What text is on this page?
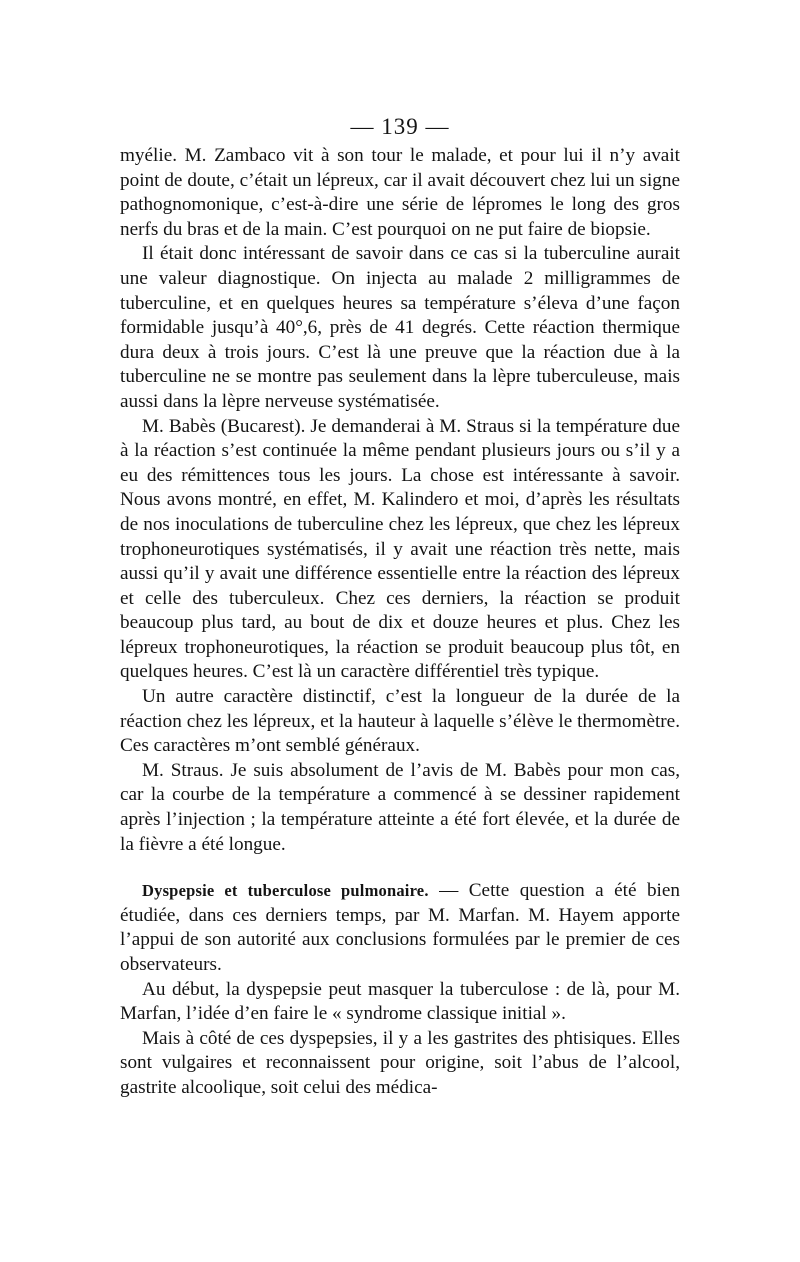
— 139 —

myélie. M. Zambaco vit à son tour le malade, et pour lui il n’y avait point de doute, c’était un lépreux, car il avait découvert chez lui un signe pathognomonique, c’est-à-dire une série de lépromes le long des gros nerfs du bras et de la main. C’est pourquoi on ne put faire de biopsie.

Il était donc intéressant de savoir dans ce cas si la tuberculine aurait une valeur diagnostique. On injecta au malade 2 milligrammes de tuberculine, et en quelques heures sa température s’éleva d’une façon formidable jusqu’à 40°,6, près de 41 degrés. Cette réaction thermique dura deux à trois jours. C’est là une preuve que la réaction due à la tuberculine ne se montre pas seulement dans la lèpre tuberculeuse, mais aussi dans la lèpre nerveuse systématisée.

M. Babès (Bucarest). Je demanderai à M. Straus si la température due à la réaction s’est continuée la même pendant plusieurs jours ou s’il y a eu des rémittences tous les jours. La chose est intéressante à savoir. Nous avons montré, en effet, M. Kalindero et moi, d’après les résultats de nos inoculations de tuberculine chez les lépreux, que chez les lépreux trophoneurotiques systématisés, il y avait une réaction très nette, mais aussi qu’il y avait une différence essentielle entre la réaction des lépreux et celle des tuberculeux. Chez ces derniers, la réaction se produit beaucoup plus tard, au bout de dix et douze heures et plus. Chez les lépreux trophoneurotiques, la réaction se produit beaucoup plus tôt, en quelques heures. C’est là un caractère différentiel très typique.

Un autre caractère distinctif, c’est la longueur de la durée de la réaction chez les lépreux, et la hauteur à laquelle s’élève le thermomètre. Ces caractères m’ont semblé généraux.

M. Straus. Je suis absolument de l’avis de M. Babès pour mon cas, car la courbe de la température a commencé à se dessiner rapidement après l’injection ; la température atteinte a été fort élevée, et la durée de la fièvre a été longue.

Dyspepsie et tuberculose pulmonaire. — Cette question a été bien étudiée, dans ces derniers temps, par M. Marfan. M. Hayem apporte l’appui de son autorité aux conclusions formulées par le premier de ces observateurs.

Au début, la dyspepsie peut masquer la tuberculose : de là, pour M. Marfan, l’idée d’en faire le « syndrome classique initial ».

Mais à côté de ces dyspepsies, il y a les gastrites des phtisiques. Elles sont vulgaires et reconnaissent pour origine, soit l’abus de l’alcool, gastrite alcoolique, soit celui des médica-
